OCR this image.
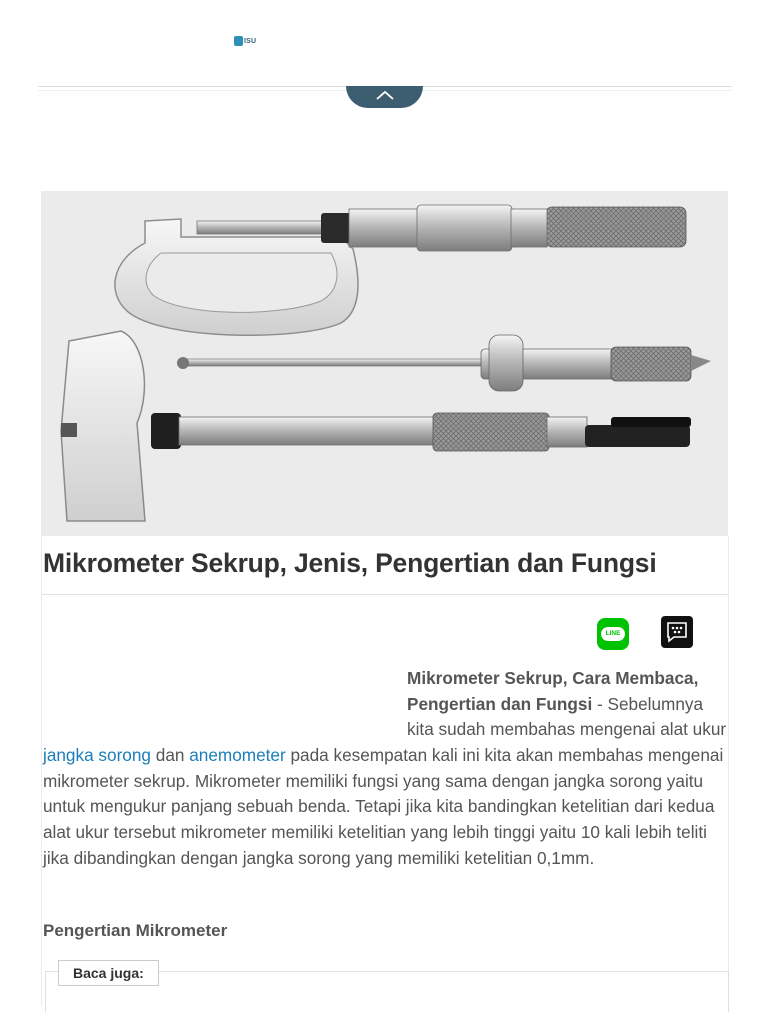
ISU
Mikrometer Sekrup, Jenis, Pengertian dan Fungsi
LINE
Mikrometer Sekrup, Cara Membaca, Pengertian dan Fungsi - Sebelumnya kita sudah membahas mengenai alat ukur
jangka sorong dan anemometer pada kesempatan kali ini kita akan membahas mengenai mikrometer sekrup. Mikrometer memiliki fungsi yang sama dengan jangka sorong yaitu untuk mengukur panjang sebuah benda. Tetapi jika kita bandingkan ketelitian dari kedua alat ukur tersebut mikrometer memiliki ketelitian yang lebih tinggi yaitu 10 kali lebih teliti jika dibandingkan dengan jangka sorong yang memiliki ketelitian 0,1mm.
Pengertian Mikrometer
Baca juga:
